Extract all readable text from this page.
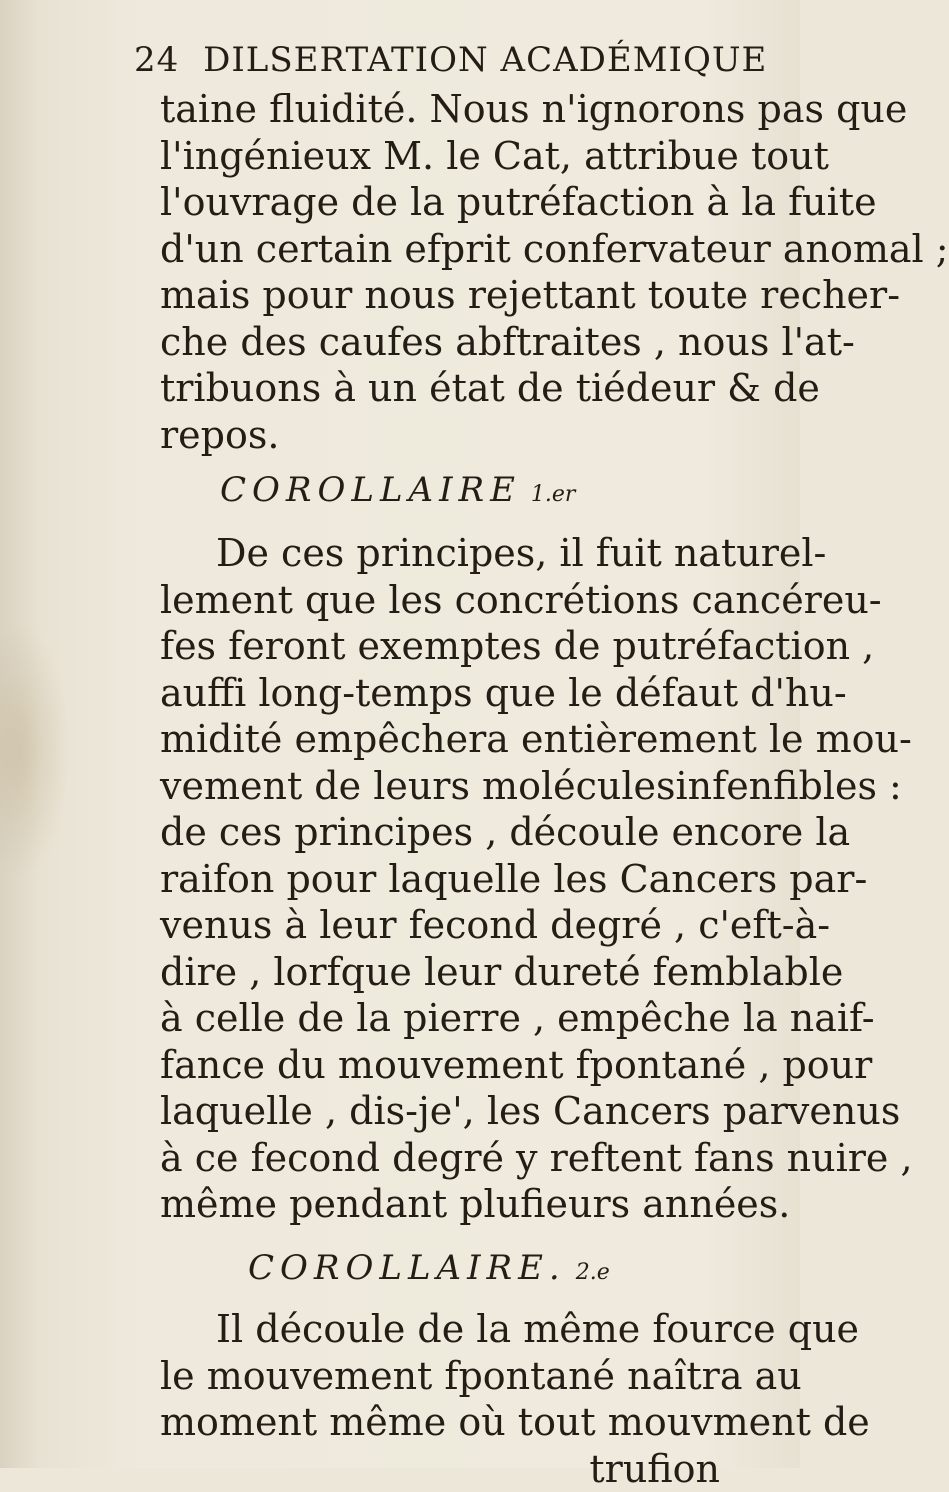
24 DILSERTATION ACADÉMIQUE
taine fluidité. Nous n'ignorons pas que
l'ingénieux M. le Cat, attribue tout
l'ouvrage de la putréfaction à la fuite
d'un certain efprit confervateur anomal ;
mais pour nous rejettant toute recher-
che des caufes abftraites , nous l'at-
tribuons à un état de tiédeur & de
repos.
COROLLAIRE 1.er
De ces principes, il fuit naturel-
lement que les concrétions cancéreu-
fes feront exemptes de putréfaction ,
auffi long-temps que le défaut d'hu-
midité empêchera entièrement le mou-
vement de leurs moléculesinfenfibles :
de ces principes , découle encore la
raifon pour laquelle les Cancers par-
venus à leur fecond degré , c'eft-à-
dire , lorfque leur dureté femblable
à celle de la pierre , empêche la naif-
fance du mouvement fpontané , pour
laquelle , dis-je', les Cancers parvenus
à ce fecond degré y reftent fans nuire ,
même pendant plufieurs années.
COROLLAIRE. 2.e
Il découle de la même fource que
le mouvement fpontané naîtra au
moment même où tout mouvment de
trufion
